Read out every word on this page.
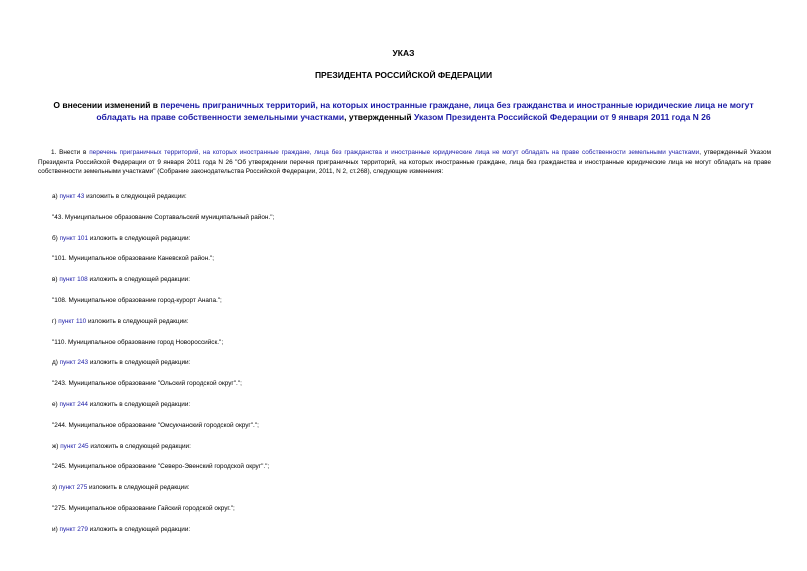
УКАЗ
ПРЕЗИДЕНТА РОССИЙСКОЙ ФЕДЕРАЦИИ
О внесении изменений в перечень приграничных территорий, на которых иностранные граждане, лица без гражданства и иностранные юридические лица не могут обладать на праве собственности земельными участками, утвержденный Указом Президента Российской Федерации от 9 января 2011 года N 26
1. Внести в перечень приграничных территорий, на которых иностранные граждане, лица без гражданства и иностранные юридические лица не могут обладать на праве собственности земельными участками, утвержденный Указом Президента Российской Федерации от 9 января 2011 года N 26 "Об утверждении перечня приграничных территорий, на которых иностранные граждане, лица без гражданства и иностранные юридические лица не могут обладать на праве собственности земельными участками" (Собрание законодательства Российской Федерации, 2011, N 2, ст.268), следующие изменения:
а) пункт 43 изложить в следующей редакции:
"43. Муниципальное образование Сортавальский муниципальный район.";
б) пункт 101 изложить в следующей редакции:
"101. Муниципальное образование Каневской район.";
в) пункт 108 изложить в следующей редакции:
"108. Муниципальное образование город-курорт Анапа.";
г) пункт 110 изложить в следующей редакции:
"110. Муниципальное образование город Новороссийск.";
д) пункт 243 изложить в следующей редакции:
"243. Муниципальное образование "Ольский городской округ".";
е) пункт 244 изложить в следующей редакции:
"244. Муниципальное образование "Омсукчанский городской округ".";
ж) пункт 245 изложить в следующей редакции:
"245. Муниципальное образование "Северо-Эвенский городской округ".";
з) пункт 275 изложить в следующей редакции:
"275. Муниципальное образование Гайский городской округ.";
и) пункт 279 изложить в следующей редакции:
